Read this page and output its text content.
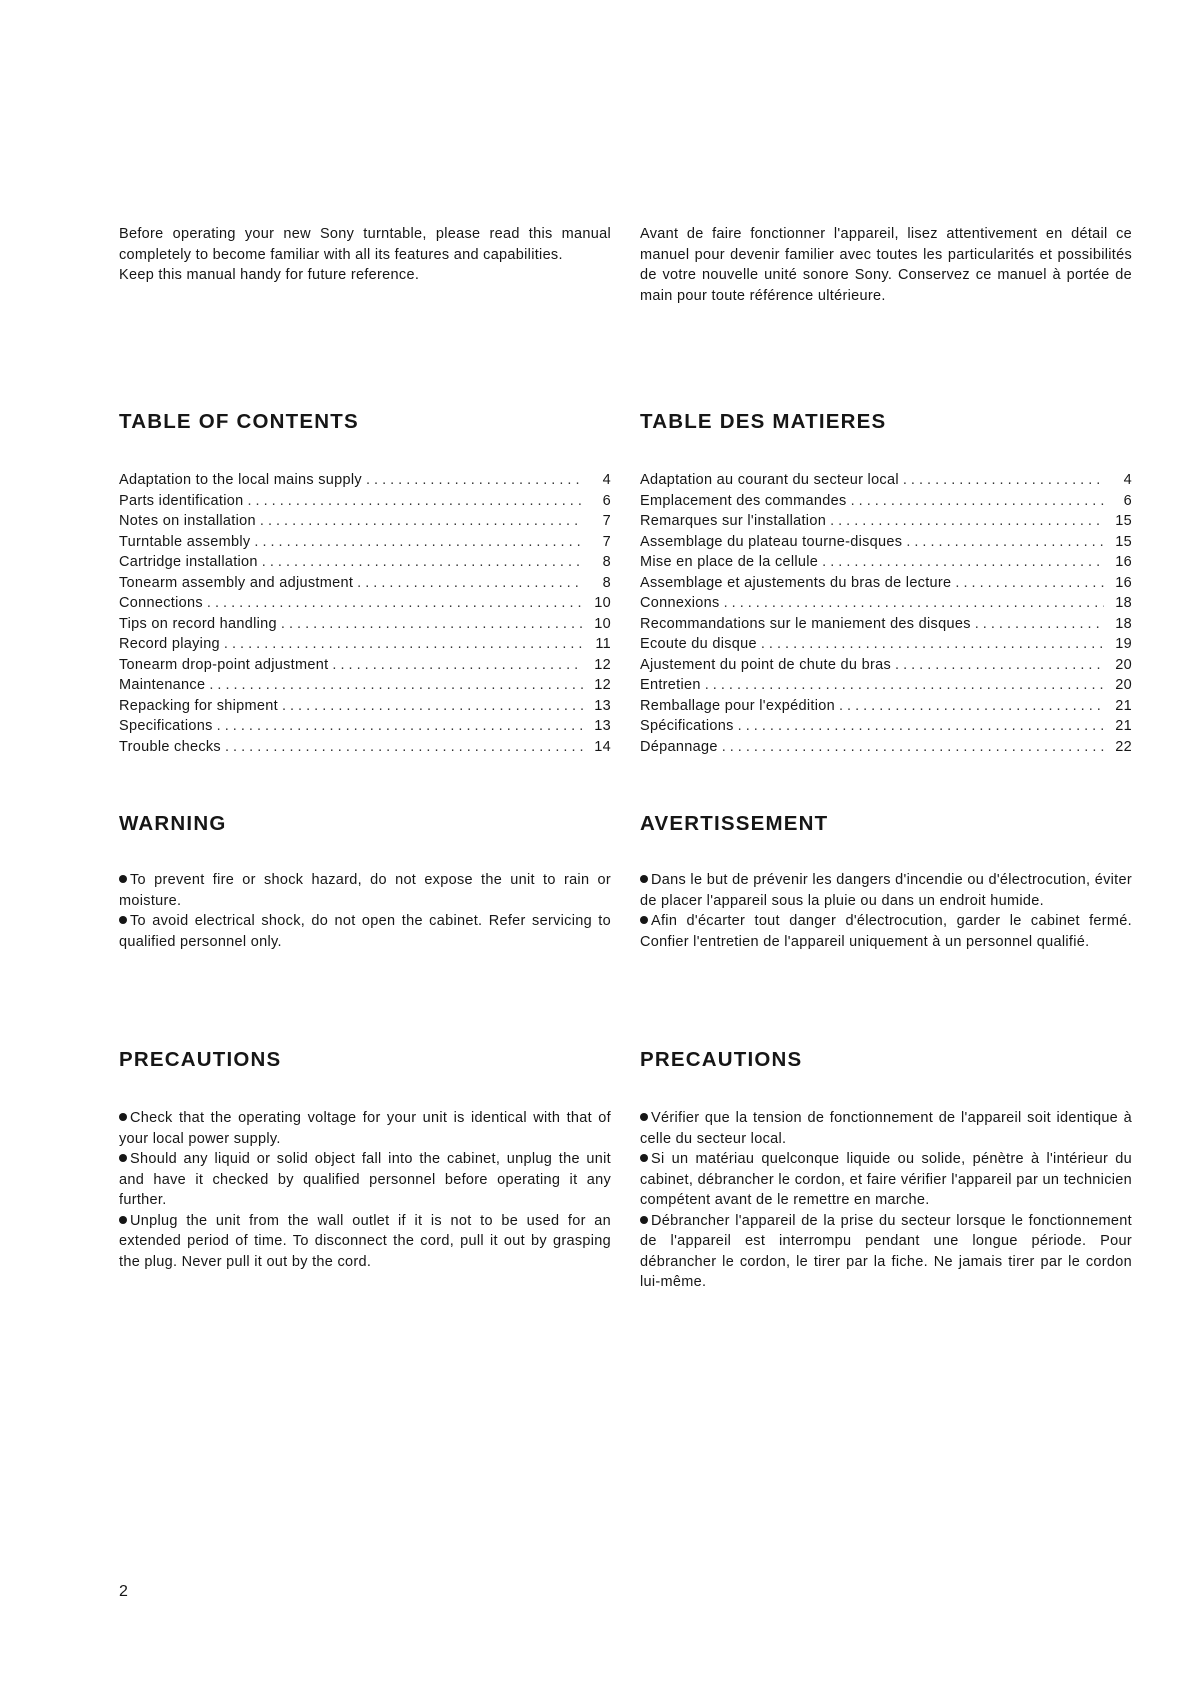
Before operating your new Sony turntable, please read this manual completely to become familiar with all its features and capabilities.

Keep this manual handy for future reference.

Avant de faire fonctionner l'appareil, lisez attentivement en détail ce manuel pour devenir familier avec toutes les particularités et possibilités de votre nouvelle unité sonore Sony. Conservez ce manuel à portée de main pour toute référence ultérieure.

TABLE OF CONTENTS	TABLE DES MATIERES
Adaptation to the local mains supply . . .	4
Parts identification . . .	6
Notes on installation . . .	7
Turntable assembly . . .	7
Cartridge installation . . .	8
Tonearm assembly and adjustment . . .	8
Connections . . .	10
Tips on record handling . . .	10
Record playing . . .	11
Tonearm drop-point adjustment . . .	12
Maintenance . . .	12
Repacking for shipment . . .	13
Specifications . . .	13
Trouble checks . . .	14
Adaptation au courant du secteur local . . .	4
Emplacement des commandes . . .	6
Remarques sur l'installation . . .	15
Assemblage du plateau tourne-disques . . .	15
Mise en place de la cellule . . .	16
Assemblage et ajustements du bras de lecture . . .	16
Connexions . . .	18
Recommandations sur le maniement des disques . . .	18
Ecoute du disque . . .	19
Ajustement du point de chute du bras . . .	20
Entretien . . .	20
Remballage pour l'expédition . . .	21
Spécifications . . .	21
Dépannage . . .	22
WARNING	AVERTISSEMENT

To prevent fire or shock hazard, do not expose the unit to rain or moisture.

To avoid electrical shock, do not open the cabinet. Refer servicing to qualified personnel only.

Dans le but de prévenir les dangers d'incendie ou d'électrocution, éviter de placer l'appareil sous la pluie ou dans un endroit humide.

Afin d'écarter tout danger d'électrocution, garder le cabinet fermé. Confier l'entretien de l'appareil uniquement à un personnel qualifié.

PRECAUTIONS	PRECAUTIONS

Check that the operating voltage for your unit is identical with that of your local power supply.

Should any liquid or solid object fall into the cabinet, unplug the unit and have it checked by qualified personnel before operating it any further.

Unplug the unit from the wall outlet if it is not to be used for an extended period of time. To disconnect the cord, pull it out by grasping the plug. Never pull it out by the cord.

Vérifier que la tension de fonctionnement de l'appareil soit identique à celle du secteur local.

Si un matériau quelconque liquide ou solide, pénètre à l'intérieur du cabinet, débrancher le cordon, et faire vérifier l'appareil par un technicien compétent avant de le remettre en marche.

Débrancher l'appareil de la prise du secteur lorsque le fonctionnement de l'appareil est interrompu pendant une longue période. Pour débrancher le cordon, le tirer par la fiche. Ne jamais tirer par le cordon lui-même.

2
